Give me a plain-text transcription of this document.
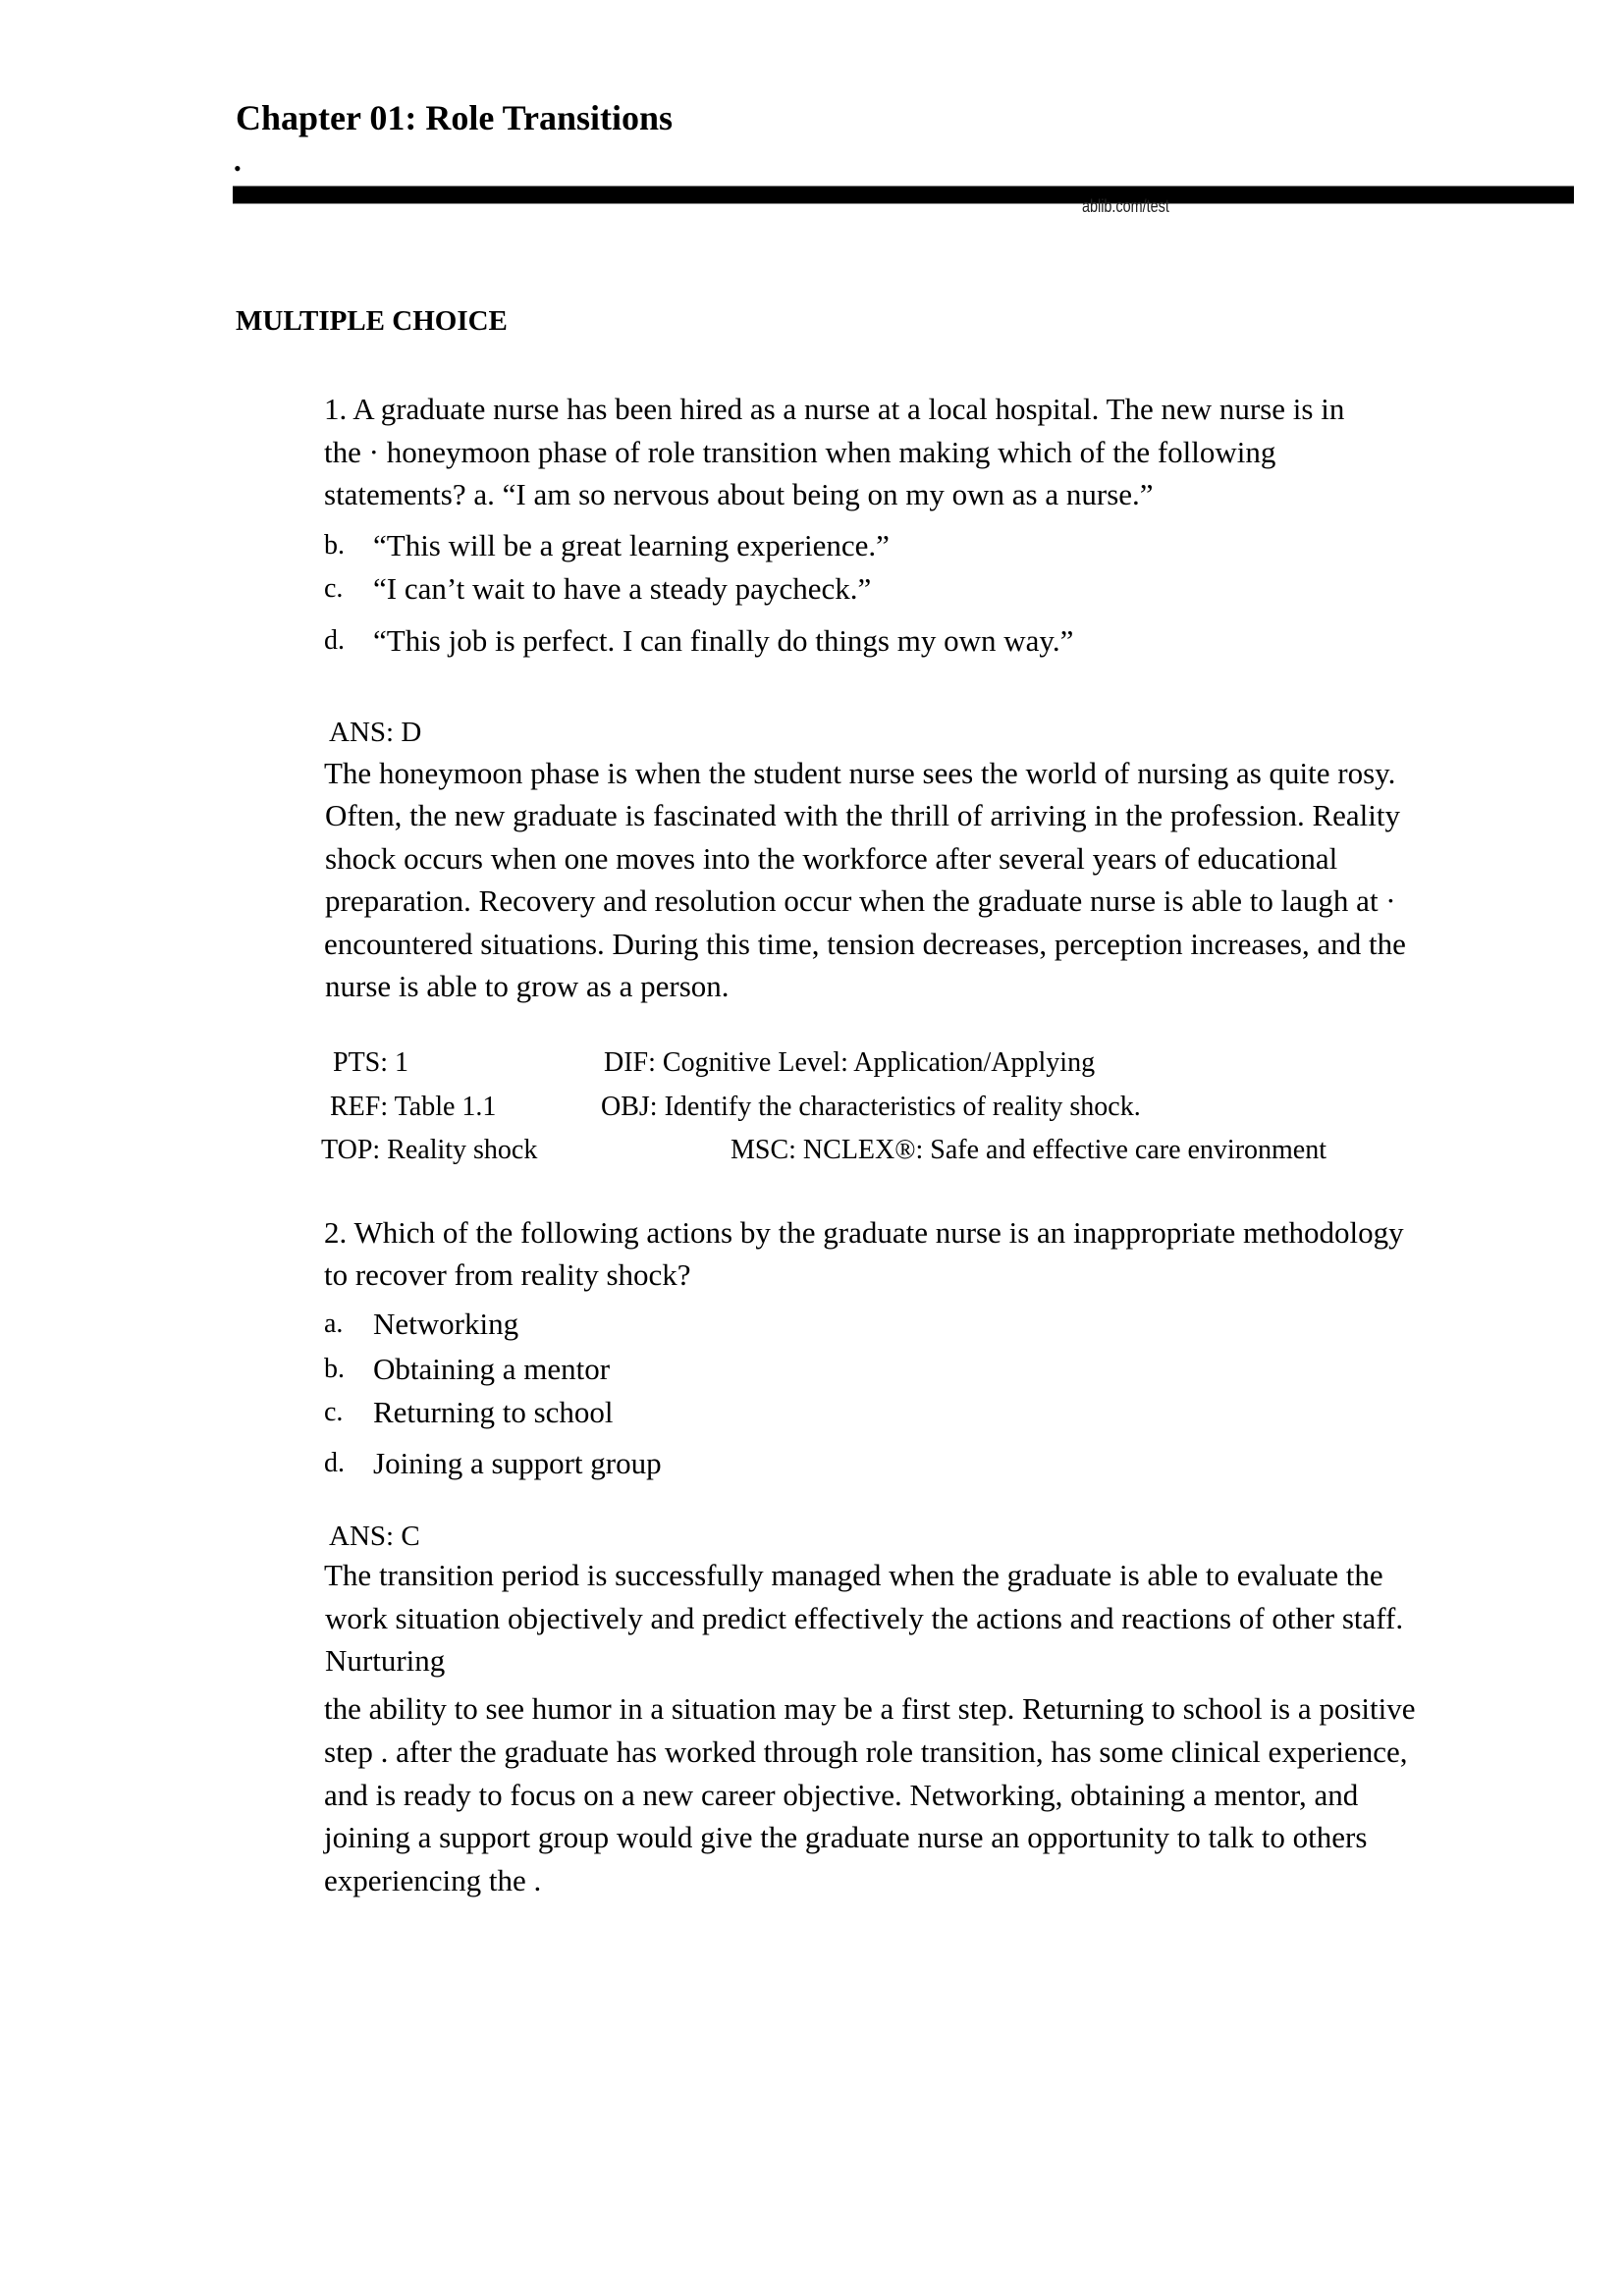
Chapter 01: Role Transitions
•
ablib.com/test
MULTIPLE CHOICE
1. A graduate nurse has been hired as a nurse at a local hospital. The new nurse is in
the · honeymoon phase of role transition when making which of the following
statements? a. “I am so nervous about being on my own as a nurse.”
b. “This will be a great learning experience.”
c. “I can’t wait to have a steady paycheck.”
d. “This job is perfect. I can finally do things my own way.”
ANS: D
The honeymoon phase is when the student nurse sees the world of nursing as quite rosy.
Often, the new graduate is fascinated with the thrill of arriving in the profession. Reality
shock occurs when one moves into the workforce after several years of educational
preparation. Recovery and resolution occur when the graduate nurse is able to laugh at ·
encountered situations. During this time, tension decreases, perception increases, and the
nurse is able to grow as a person.
PTS: 1	DIF: Cognitive Level: Application/Applying
REF: Table 1.1	OBJ: Identify the characteristics of reality shock.
TOP: Reality shock	MSC: NCLEX®: Safe and effective care environment
2. Which of the following actions by the graduate nurse is an inappropriate methodology
to recover from reality shock?
a. Networking
b. Obtaining a mentor
c. Returning to school
d. Joining a support group
ANS: C
The transition period is successfully managed when the graduate is able to evaluate the
work situation objectively and predict effectively the actions and reactions of other staff.
Nurturing
the ability to see humor in a situation may be a first step. Returning to school is a positive
step . after the graduate has worked through role transition, has some clinical experience,
and is ready to focus on a new career objective. Networking, obtaining a mentor, and
joining a support group would give the graduate nurse an opportunity to talk to others
experiencing the .
